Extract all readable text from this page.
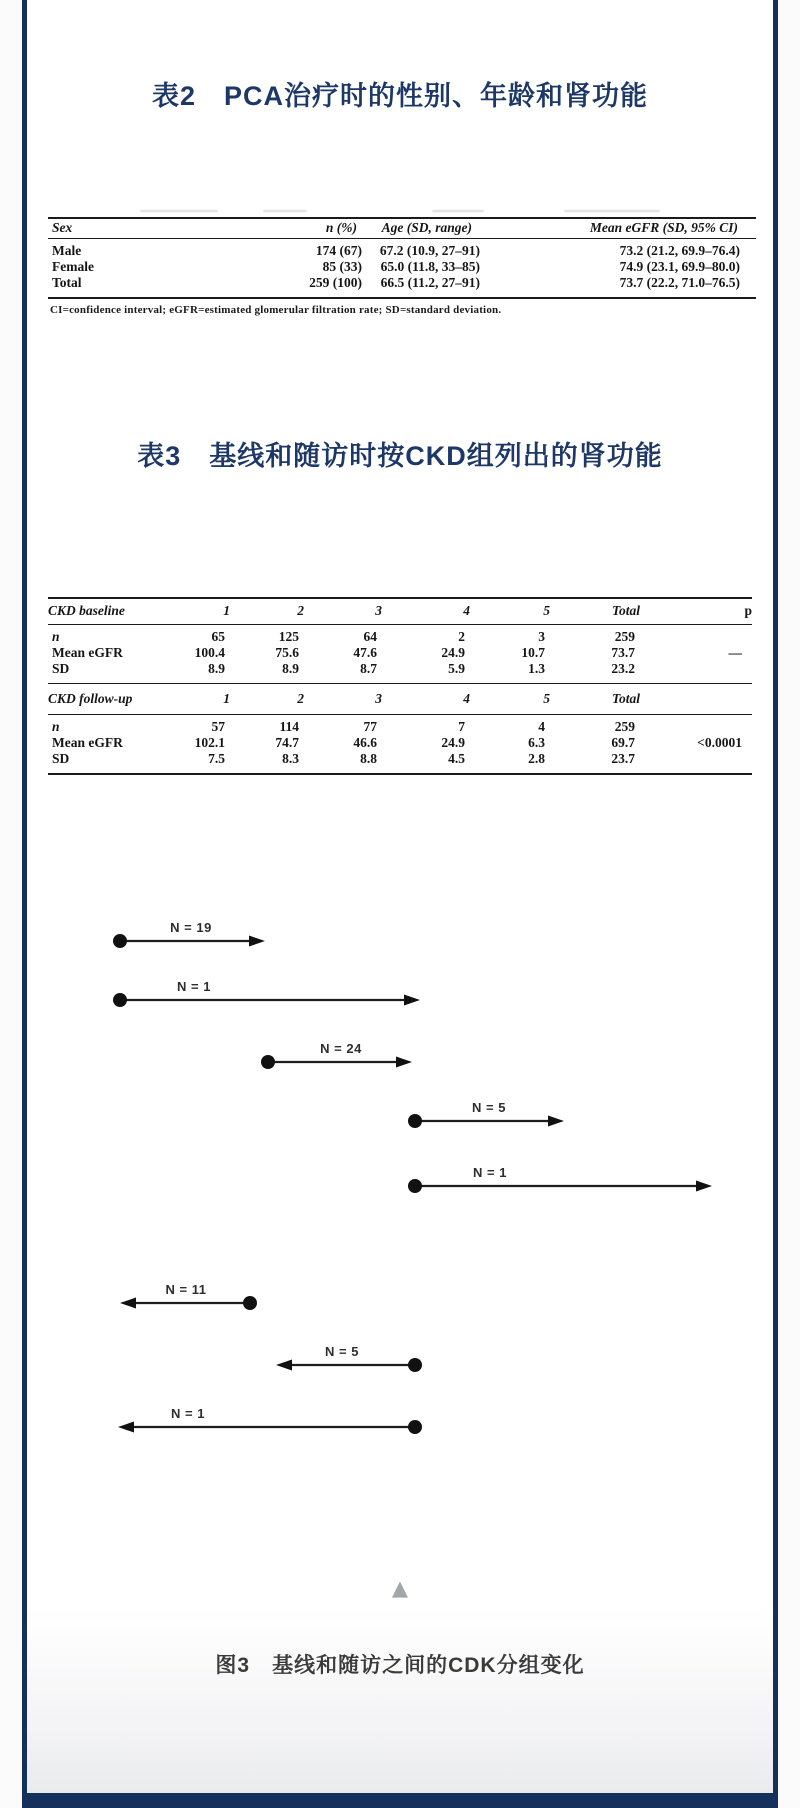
表2　PCA治疗时的性别、年龄和肾功能
Sex	n (%)	Age (SD, range)	Mean eGFR (SD, 95% CI)
Male	174 (67)	67.2 (10.9, 27–91)	73.2 (21.2, 69.9–76.4)
Female	85 (33)	65.0 (11.8, 33–85)	74.9 (23.1, 69.9–80.0)
Total	259 (100)	66.5 (11.2, 27–91)	73.7 (22.2, 71.0–76.5)

CI=confidence interval; eGFR=estimated glomerular filtration rate; SD=standard deviation.

表3　基线和随访时按CKD组列出的肾功能
CKD baseline	1	2	3	4	5	Total	p
n	65	125	64	2	3	259	
Mean eGFR	100.4	75.6	47.6	24.9	10.7	73.7	—
SD	8.9	8.9	8.7	5.9	1.3	23.2	
CKD follow-up	1	2	3	4	5	Total	
n	57	114	77	7	4	259	
Mean eGFR	102.1	74.7	46.6	24.9	6.3	69.7	<0.0001
SD	7.5	8.3	8.8	4.5	2.8	23.7	
N = 19
N = 1
N = 24
N = 5
N = 1
N = 11
N = 5
N = 1
▲
图3　基线和随访之间的CDK分组变化
